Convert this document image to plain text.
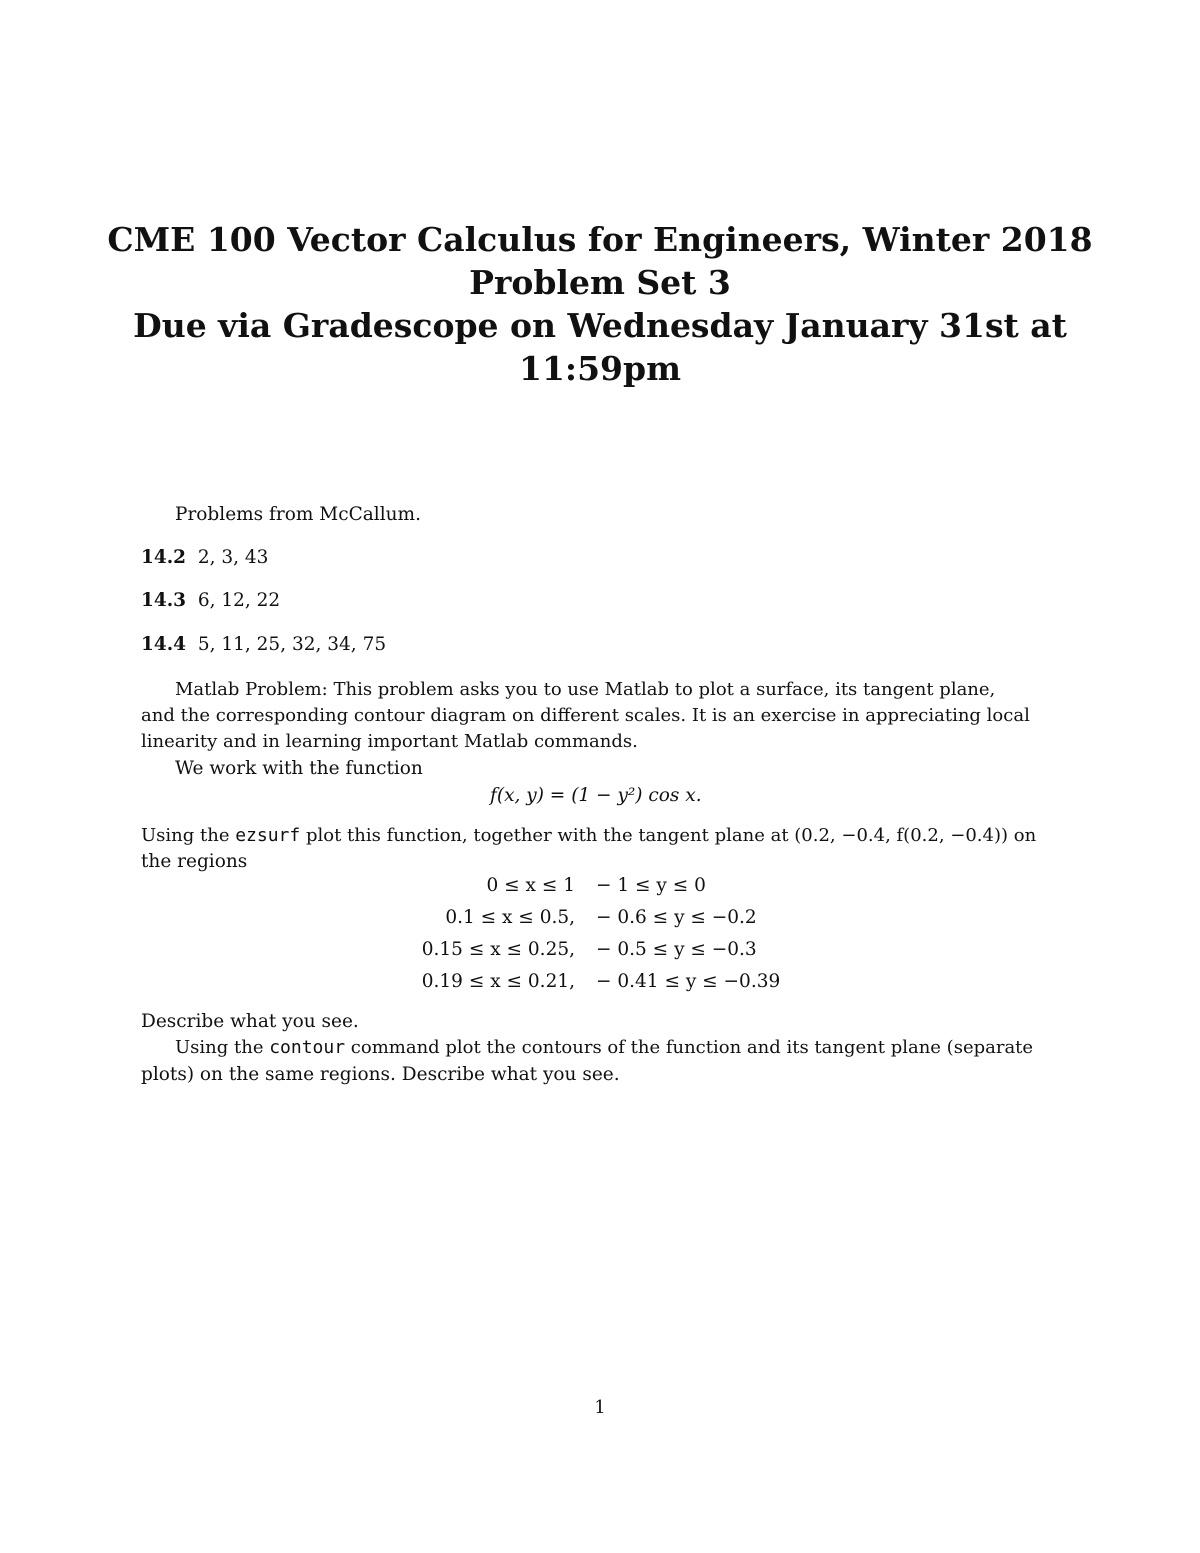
CME 100 Vector Calculus for Engineers, Winter 2018
Problem Set 3
Due via Gradescope on Wednesday January 31st at
11:59pm
Problems from McCallum.
14.2 2, 3, 43
14.3 6, 12, 22
14.4 5, 11, 25, 32, 34, 75
Matlab Problem: This problem asks you to use Matlab to plot a surface, its tangent plane,
and the corresponding contour diagram on different scales. It is an exercise in appreciating local
linearity and in learning important Matlab commands.
We work with the function
f(x, y) = (1 − y²) cos x.
Using the ezsurf plot this function, together with the tangent plane at (0.2, −0.4, f(0.2, −0.4)) on
the regions
0 ≤ x ≤ 1 − 1 ≤ y ≤ 0
0.1 ≤ x ≤ 0.5, − 0.6 ≤ y ≤ −0.2
0.15 ≤ x ≤ 0.25, − 0.5 ≤ y ≤ −0.3
0.19 ≤ x ≤ 0.21, − 0.41 ≤ y ≤ −0.39
Describe what you see.
Using the contour command plot the contours of the function and its tangent plane (separate
plots) on the same regions. Describe what you see.
1
